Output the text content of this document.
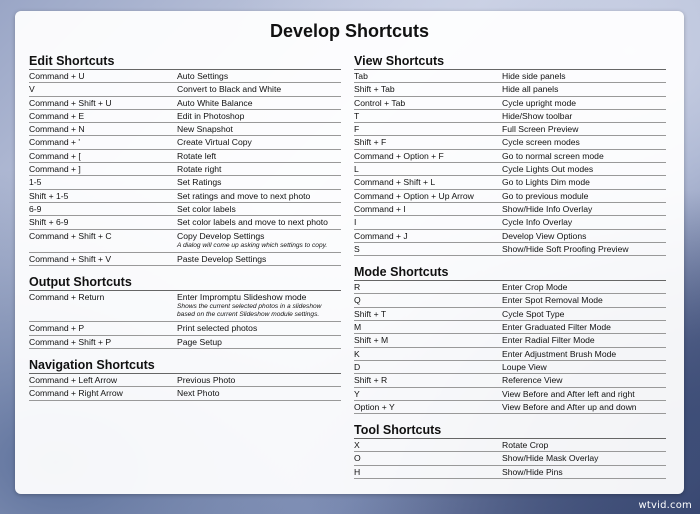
Develop Shortcuts
Edit Shortcuts
Command + U	Auto Settings
V	Convert to Black and White
Command + Shift + U	Auto White Balance
Command + E	Edit in Photoshop
Command + N	New Snapshot
Command + '	Create Virtual Copy
Command + [	Rotate left
Command + ]	Rotate right
1-5	Set Ratings
Shift + 1-5	Set ratings and move to next photo
6-9	Set color labels
Shift + 6-9	Set color labels and move to next photo
Command + Shift + C	Copy Develop Settings
A dialog will come up asking which settings to copy.
Command + Shift + V	Paste Develop Settings
Output Shortcuts
Command + Return	Enter Impromptu Slideshow mode
Shows the current selected photos in a slideshow based on the current Slideshow module settings.
Command + P	Print selected photos
Command + Shift + P	Page Setup
Navigation Shortcuts
Command + Left Arrow	Previous Photo
Command + Right Arrow	Next Photo
View Shortcuts
Tab	Hide side panels
Shift + Tab	Hide all panels
Control + Tab	Cycle upright mode
T	Hide/Show toolbar
F	Full Screen Preview
Shift + F	Cycle screen modes
Command + Option + F	Go to normal screen mode
L	Cycle Lights Out modes
Command + Shift + L	Go to Lights Dim mode
Command + Option + Up Arrow	Go to previous module
Command + I	Show/Hide Info Overlay
I	Cycle Info Overlay
Command + J	Develop View Options
S	Show/Hide Soft Proofing Preview
Mode Shortcuts
R	Enter Crop Mode
Q	Enter Spot Removal Mode
Shift + T	Cycle Spot Type
M	Enter Graduated Filter Mode
Shift + M	Enter Radial Filter Mode
K	Enter Adjustment Brush Mode
D	Loupe View
Shift + R	Reference View
Y	View Before and After left and right
Option + Y	View Before and After up and down
Tool Shortcuts
X	Rotate Crop
O	Show/Hide Mask Overlay
H	Show/Hide Pins
wtvid.com
